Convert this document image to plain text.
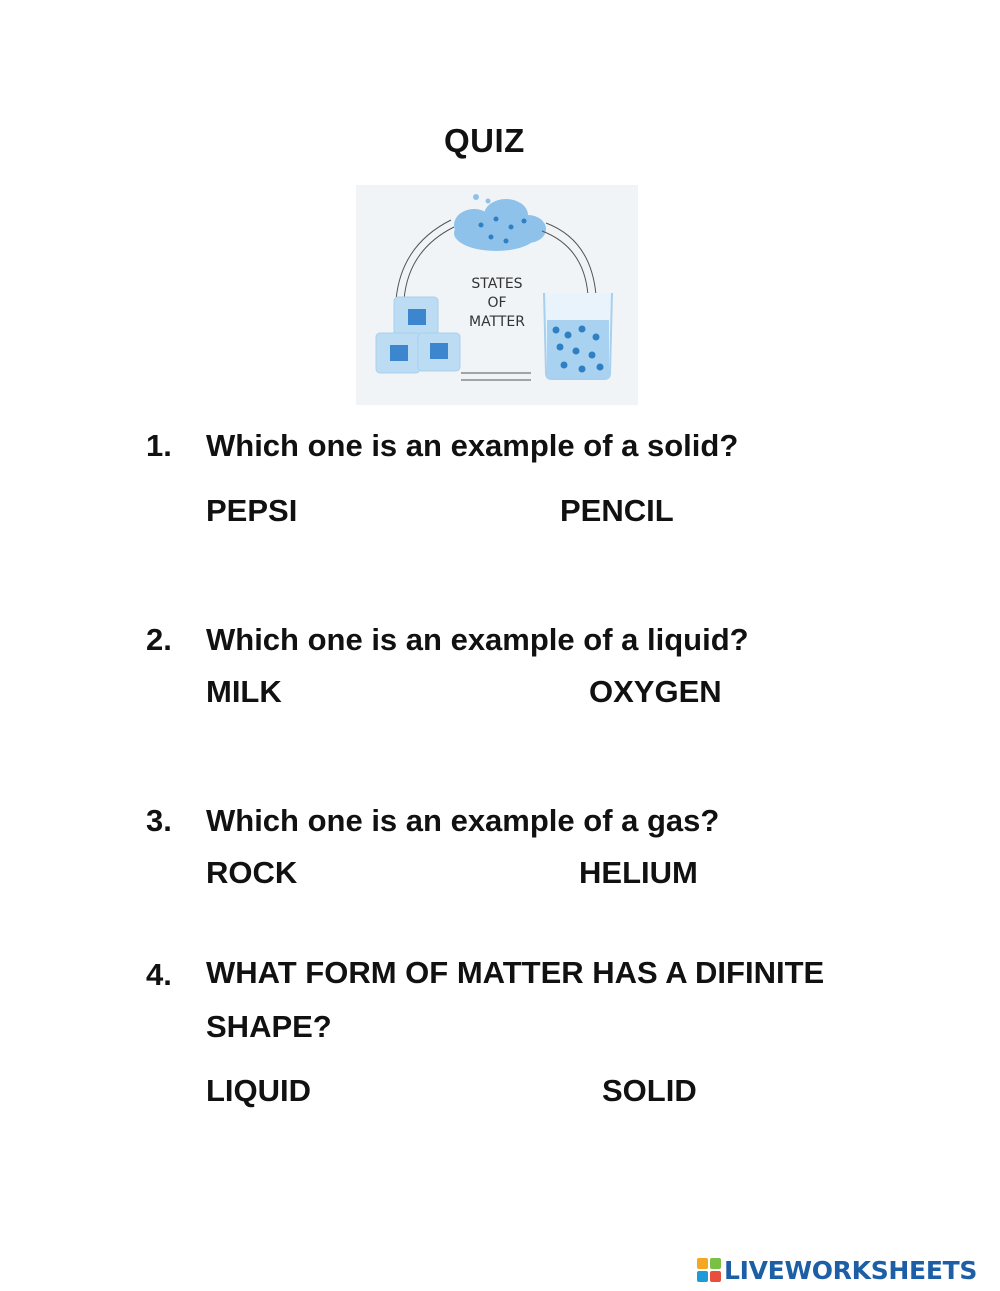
QUIZ
STATES
OF
MATTER
1. Which one is an example of a solid?
PEPSI	PENCIL
2. Which one is an example of a liquid?
MILK	OXYGEN
3. Which one is an example of a gas?
ROCK	HELIUM
4. WHAT FORM OF MATTER HAS A DIFINITE SHAPE?
LIQUID	SOLID
LIVEWORKSHEETS
